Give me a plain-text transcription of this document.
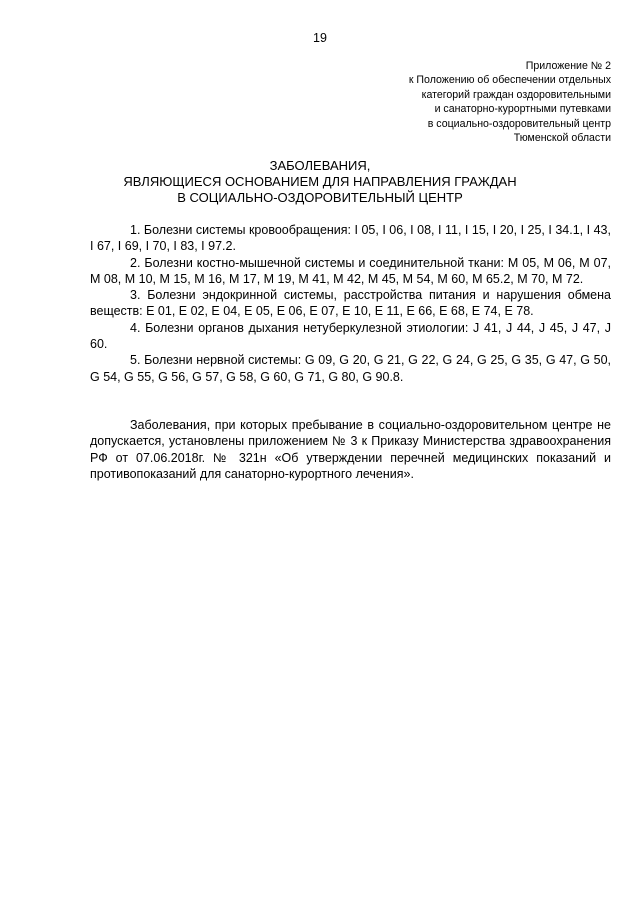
19
Приложение № 2
к Положению об обеспечении отдельных
категорий граждан оздоровительными
и санаторно-курортными путевками
в социально-оздоровительный центр
Тюменской области
ЗАБОЛЕВАНИЯ,
ЯВЛЯЮЩИЕСЯ ОСНОВАНИЕМ ДЛЯ НАПРАВЛЕНИЯ ГРАЖДАН
В СОЦИАЛЬНО-ОЗДОРОВИТЕЛЬНЫЙ ЦЕНТР

1. Болезни системы кровообращения: I 05, I 06, I 08, I 11, I 15, I 20, I 25, I 34.1, I 43, I 67, I 69, I 70, I 83, I 97.2.

2. Болезни костно-мышечной системы и соединительной ткани: М 05, М 06, М 07, М 08, М 10, М 15, М 16, М 17, М 19, М 41, М 42, М 45, М 54, М 60, М 65.2, М 70, М 72.

3. Болезни эндокринной системы, расстройства питания и нарушения обмена веществ: Е 01, Е 02, Е 04, Е 05, Е 06, Е 07, Е 10, Е 11, Е 66, Е 68, Е 74, Е 78.

4. Болезни органов дыхания нетуберкулезной этиологии: J 41, J 44, J 45, J 47, J 60.

5. Болезни нервной системы: G 09, G 20, G 21, G 22, G 24, G 25, G 35, G 47, G 50, G 54, G 55, G 56, G 57, G 58, G 60, G 71, G 80, G 90.8.

Заболевания, при которых пребывание в социально-оздоровительном центре не допускается, установлены приложением № 3 к Приказу Министерства здравоохранения РФ от 07.06.2018г. № 321н «Об утверждении перечней медицинских показаний и противопоказаний для санаторно-курортного лечения».
